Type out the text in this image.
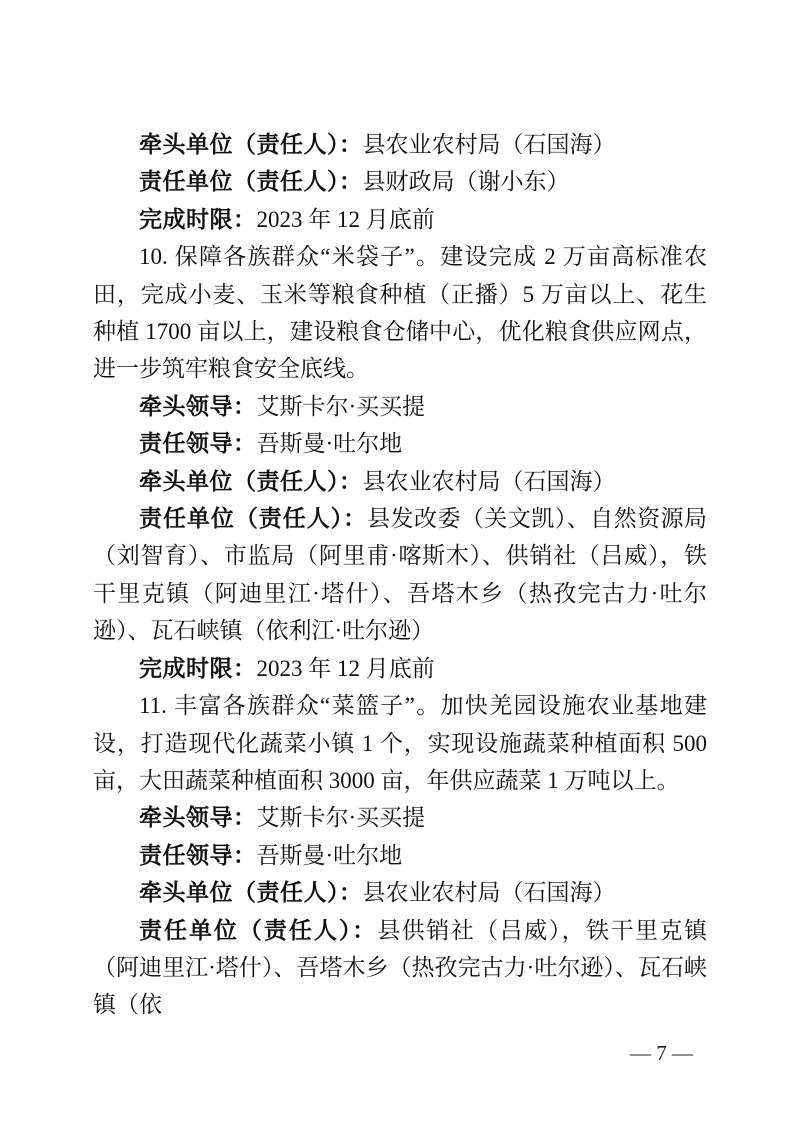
牵头单位（责任人）：县农业农村局（石国海）

责任单位（责任人）：县财政局（谢小东）

完成时限：2023 年 12 月底前

10. 保障各族群众“米袋子”。建设完成 2 万亩高标准农田，完成小麦、玉米等粮食种植（正播）5 万亩以上、花生种植 1700 亩以上，建设粮食仓储中心，优化粮食供应网点，进一步筑牢粮食安全底线。

牵头领导：艾斯卡尔·买买提

责任领导：吾斯曼·吐尔地

牵头单位（责任人）：县农业农村局（石国海）

责任单位（责任人）：县发改委（关文凯）、自然资源局（刘智育）、市监局（阿里甫·喀斯木）、供销社（吕威），铁干里克镇（阿迪里江·塔什）、吾塔木乡（热孜完古力·吐尔逊）、瓦石峡镇（依利江·吐尔逊）

完成时限：2023 年 12 月底前

11. 丰富各族群众“菜篮子”。加快羌园设施农业基地建设，打造现代化蔬菜小镇 1 个，实现设施蔬菜种植面积 500 亩，大田蔬菜种植面积 3000 亩，年供应蔬菜 1 万吨以上。

牵头领导：艾斯卡尔·买买提

责任领导：吾斯曼·吐尔地

牵头单位（责任人）：县农业农村局（石国海）

责任单位（责任人）：县供销社（吕威），铁干里克镇（阿迪里江·塔什）、吾塔木乡（热孜完古力·吐尔逊）、瓦石峡镇（依

— 7 —
